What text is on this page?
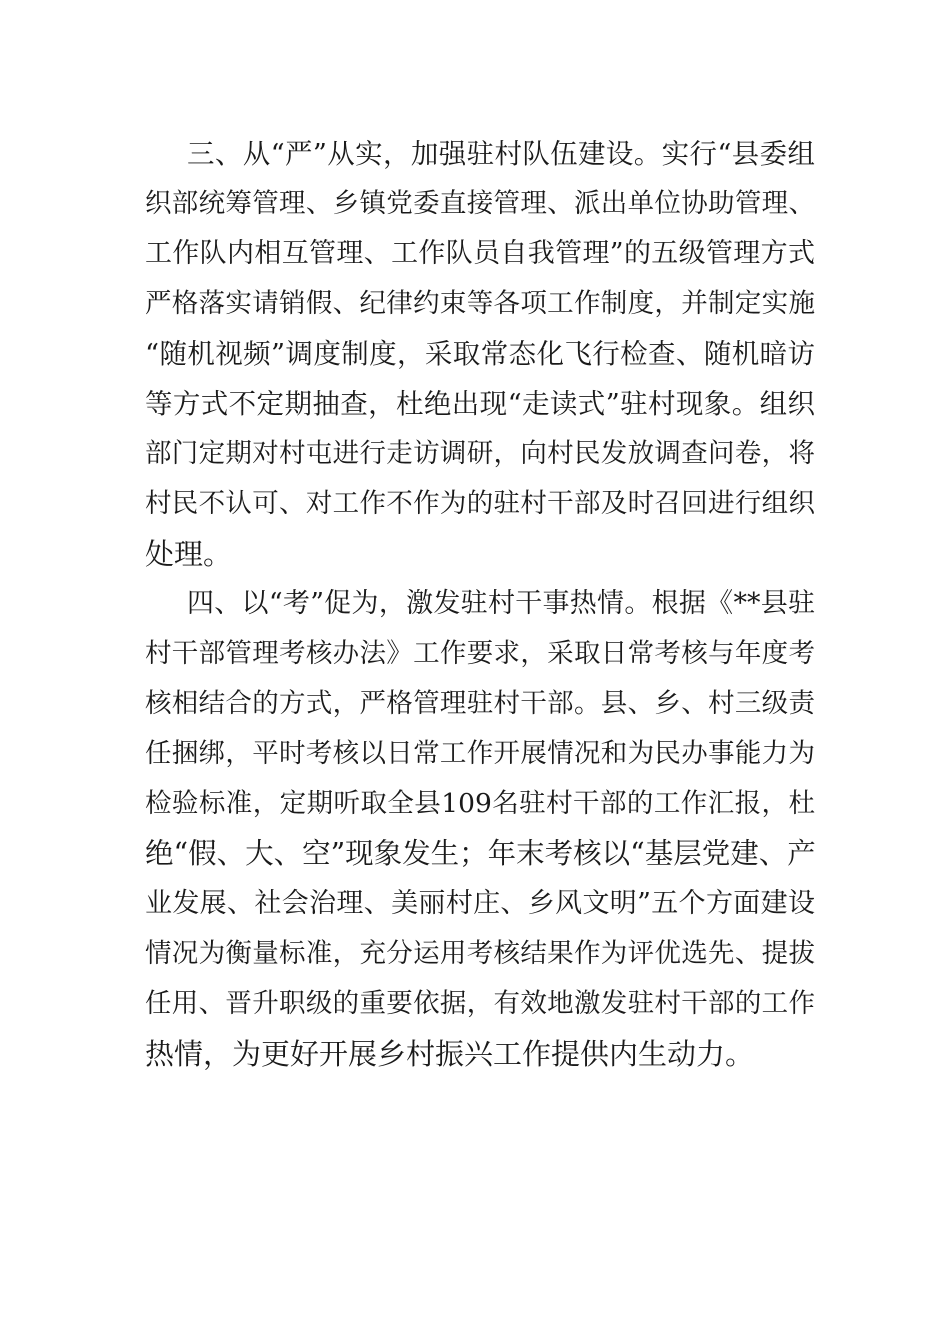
三、从“严”从实，加强驻村队伍建设。实行“县委组
织部统筹管理、乡镇党委直接管理、派出单位协助管理、
工作队内相互管理、工作队员自我管理”的五级管理方式
严格落实请销假、纪律约束等各项工作制度，并制定实施
“随机视频”调度制度，采取常态化飞行检查、随机暗访
等方式不定期抽查，杜绝出现“走读式”驻村现象。组织
部门定期对村屯进行走访调研，向村民发放调查问卷，将
村民不认可、对工作不作为的驻村干部及时召回进行组织
处理。
四、以“考”促为，激发驻村干事热情。根据《**县驻
村干部管理考核办法》工作要求，采取日常考核与年度考
核相结合的方式，严格管理驻村干部。县、乡、村三级责
任捆绑，平时考核以日常工作开展情况和为民办事能力为
检验标准，定期听取全县109名驻村干部的工作汇报，杜
绝“假、大、空”现象发生；年末考核以“基层党建、产
业发展、社会治理、美丽村庄、乡风文明”五个方面建设
情况为衡量标准，充分运用考核结果作为评优选先、提拔
任用、晋升职级的重要依据，有效地激发驻村干部的工作
热情，为更好开展乡村振兴工作提供内生动力。
